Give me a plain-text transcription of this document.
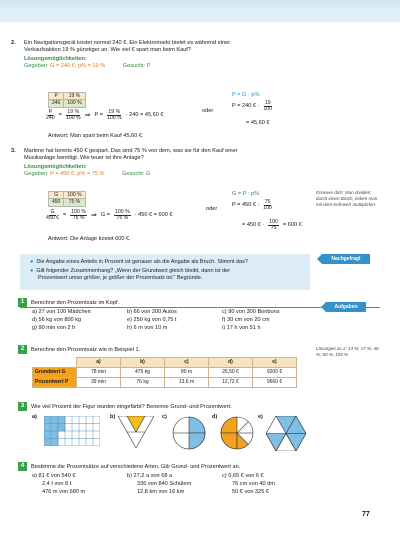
2. Ein Navigationsgerät kostet normal 240 €. Ein Elektromarkt bietet es während einer
Verkaufsaktion 19 % günstiger an. Wie viel € spart man beim Kauf?
Lösungsmöglichkeiten:
Gegeben: G = 240 €; p% = 19 %	Gesucht: P
P	19 %
240	100 %
$\frac{P}{240} = \frac{19 \%}{100 \%}$ ⇒ $P = \frac{19 \%}{100 \%} \cdot 240 = 45,60$ €
oder
P = G · p%
P = 240 € · $\frac{19}{100}$
= 45,60 €
Antwort: Man spart beim Kauf 45,60 €.
3. Marlene hat bereits 450 € gespart. Das sind 75 % von dem, was sie für den Kauf einer
Musikanlage benötigt. Wie teuer ist ihre Anlage?
Lösungsmöglichkeiten:
Gegeben: P = 450 €; p% = 75 %	Gesucht: G
G	100 %
450	75 %
$\frac{G}{450 €} = \frac{100 \%}{75 \%}$ ⇒ $G = \frac{100 \%}{75 \%} \cdot 450$ € = 600 €
oder
G = P : p%
P = 450 € : $\frac{75}{100}$
= 450 € · $\frac{100}{75} = 600$ €
Antwort: Die Anlage kostet 600 €.
Erinnere dich: Man dividiert durch einen Bruch, indem man mit dem Kehrwert multipliziert.
● Die Angabe eines Anteils in Prozent ist genauer als die Angabe als Bruch. Stimmt das?
● Gilt folgender Zusammenhang? „Wenn der Grundwert gleich bleibt, dann ist der
Prozentwert umso größer, je größer der Prozentsatz ist." Begründe.
Nachgefragt
Aufgaben
1 Berechne den Prozentsatz im Kopf.
a) 27 von 100 Mädchen	b) 66 von 200 Autos	c) 90 von 300 Bonbons
d) 56 kg von 800 kg	e) 250 kg von 0,75 t	f) 30 cm von 20 cm
g) 90 min von 2 h	h) 6 m von 10 m	i) 17 h von 51 h
2 Berechne den Prozentsatz wie in Beispiel 1.
	a)	b)	c)	d)	e)
Grundwert G	78 min	475 kg	80 m	26,50 €	9200 €
Prozentwert P	39 min	76 kg	13,6 m	12,72 €	9660 €
Lösungen zu 2: 14 %; 17 %; 48 %; 50 %; 105 %
3 Wie viel Prozent der Figur wurden eingefärbt? Benenne Grund- und Prozentwert.
a)	b)	c)	d)	e)
4 Bestimme die Prozentsätze auf verschiedene Arten. Gib Grund- und Prozentwert an.
a) 81 € von 540 €	b) 27,2 a von 68 a	c) 0,65 € von 6 €
2,4 t von 8 t	336 von 840 Schülern	76 cm von 40 dm
476 m von 680 m	12,8 km von 16 km	50 € von 325 €
77
